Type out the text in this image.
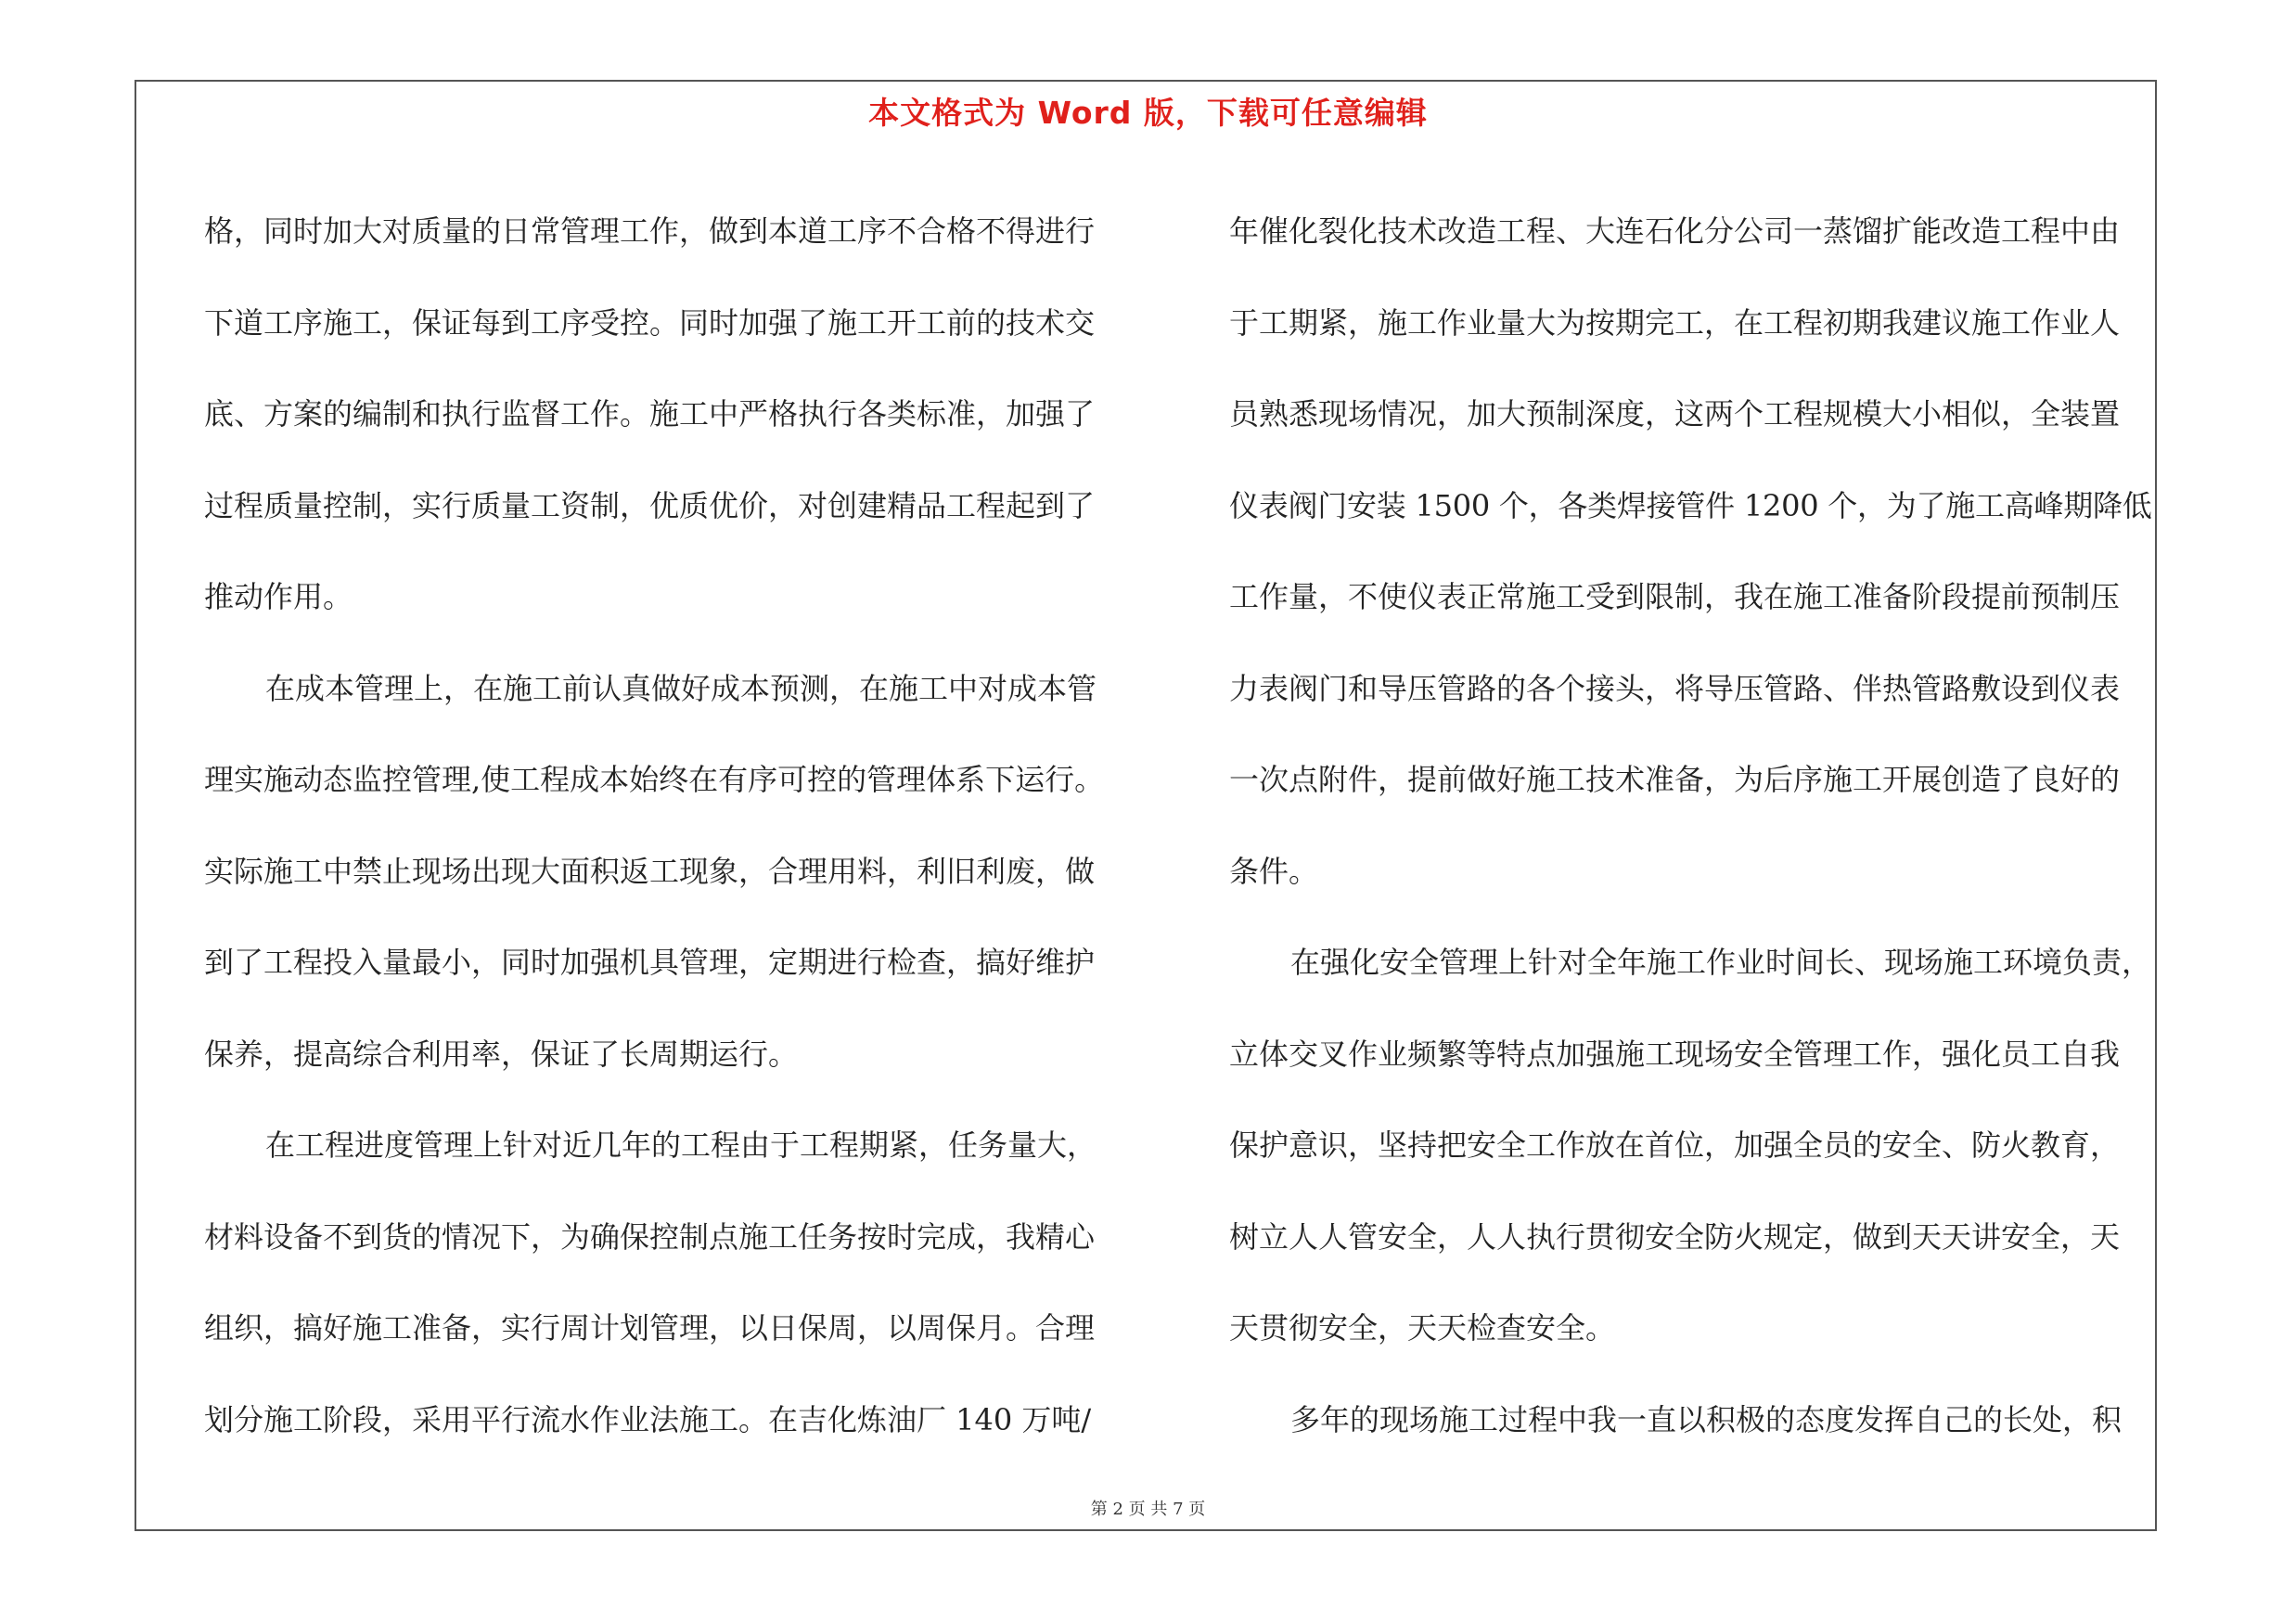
本文格式为 Word 版，下载可任意编辑
格，同时加大对质量的日常管理工作，做到本道工序不合格不得进行
下道工序施工，保证每到工序受控。同时加强了施工开工前的技术交
底、方案的编制和执行监督工作。施工中严格执行各类标准，加强了
过程质量控制，实行质量工资制，优质优价，对创建精品工程起到了
推动作用。
在成本管理上，在施工前认真做好成本预测，在施工中对成本管
理实施动态监控管理,使工程成本始终在有序可控的管理体系下运行。
实际施工中禁止现场出现大面积返工现象，合理用料，利旧利废，做
到了工程投入量最小，同时加强机具管理，定期进行检查，搞好维护
保养，提高综合利用率，保证了长周期运行。
在工程进度管理上针对近几年的工程由于工程期紧，任务量大，
材料设备不到货的情况下，为确保控制点施工任务按时完成，我精心
组织，搞好施工准备，实行周计划管理，以日保周，以周保月。合理
划分施工阶段，采用平行流水作业法施工。在吉化炼油厂 140 万吨/
年催化裂化技术改造工程、大连石化分公司一蒸馏扩能改造工程中由
于工期紧，施工作业量大为按期完工，在工程初期我建议施工作业人
员熟悉现场情况，加大预制深度，这两个工程规模大小相似，全装置
仪表阀门安装 1500 个，各类焊接管件 1200 个，为了施工高峰期降低
工作量，不使仪表正常施工受到限制，我在施工准备阶段提前预制压
力表阀门和导压管路的各个接头，将导压管路、伴热管路敷设到仪表
一次点附件，提前做好施工技术准备，为后序施工开展创造了良好的
条件。
在强化安全管理上针对全年施工作业时间长、现场施工环境负责，
立体交叉作业频繁等特点加强施工现场安全管理工作，强化员工自我
保护意识，坚持把安全工作放在首位，加强全员的安全、防火教育，
树立人人管安全，人人执行贯彻安全防火规定，做到天天讲安全，天
天贯彻安全，天天检查安全。
多年的现场施工过程中我一直以积极的态度发挥自己的长处，积
第 2 页 共 7 页
